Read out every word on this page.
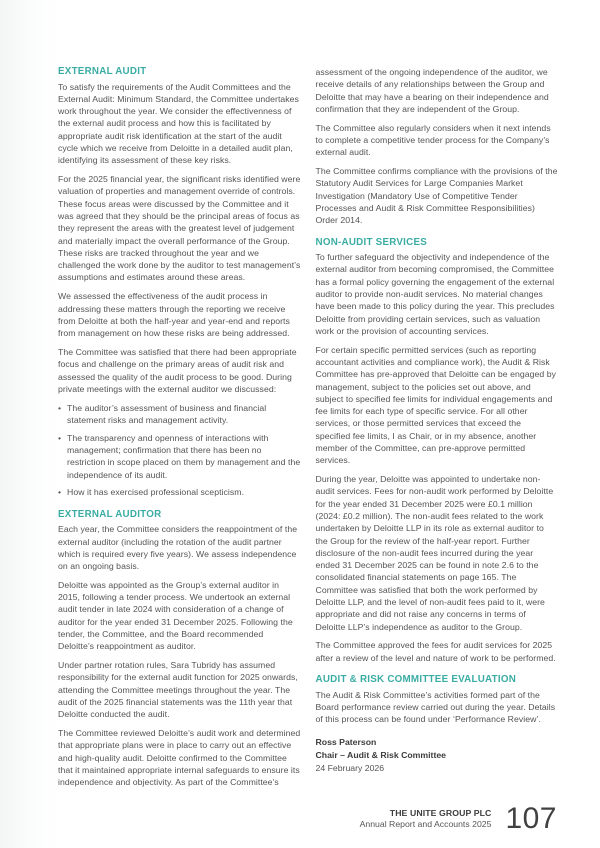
EXTERNAL AUDIT

To satisfy the requirements of the Audit Committees and the External Audit: Minimum Standard, the Committee undertakes work throughout the year. We consider the effectivenness of the external audit process and how this is facilitated by appropriate audit risk identification at the start of the audit cycle which we receive from Deloitte in a detailed audit plan, identifying its assessment of these key risks.

For the 2025 financial year, the significant risks identified were valuation of properties and management override of controls. These focus areas were discussed by the Committee and it was agreed that they should be the principal areas of focus as they represent the areas with the greatest level of judgement and materially impact the overall performance of the Group. These risks are tracked throughout the year and we challenged the work done by the auditor to test management’s assumptions and estimates around these areas.

We assessed the effectiveness of the audit process in addressing these matters through the reporting we receive from Deloitte at both the half-year and year-end and reports from management on how these risks are being addressed.

The Committee was satisfied that there had been appropriate focus and challenge on the primary areas of audit risk and assessed the quality of the audit process to be good. During private meetings with the external auditor we discussed:

• The auditor’s assessment of business and financial statement risks and management activity.
• The transparency and openness of interactions with management; confirmation that there has been no restriction in scope placed on them by management and the independence of its audit.
• How it has exercised professional scepticism.
EXTERNAL AUDITOR

Each year, the Committee considers the reappointment of the external auditor (including the rotation of the audit partner which is required every five years). We assess independence on an ongoing basis.

Deloitte was appointed as the Group’s external auditor in 2015, following a tender process. We undertook an external audit tender in late 2024 with consideration of a change of auditor for the year ended 31 December 2025. Following the tender, the Committee, and the Board recommended Deloitte’s reappointment as auditor.

Under partner rotation rules, Sara Tubridy has assumed responsibility for the external audit function for 2025 onwards, attending the Committee meetings throughout the year. The audit of the 2025 financial statements was the 11th year that Deloitte conducted the audit.

The Committee reviewed Deloitte’s audit work and determined that appropriate plans were in place to carry out an effective and high-quality audit. Deloitte confirmed to the Committee that it maintained appropriate internal safeguards to ensure its independence and objectivity. As part of the Committee’s

assessment of the ongoing independence of the auditor, we receive details of any relationships between the Group and Deloitte that may have a bearing on their independence and confirmation that they are independent of the Group.

The Committee also regularly considers when it next intends to complete a competitive tender process for the Company’s external audit.

The Committee confirms compliance with the provisions of the Statutory Audit Services for Large Companies Market Investigation (Mandatory Use of Competitive Tender Processes and Audit & Risk Committee Responsibilities) Order 2014.

NON-AUDIT SERVICES

To further safeguard the objectivity and independence of the external auditor from becoming compromised, the Committee has a formal policy governing the engagement of the external auditor to provide non-audit services. No material changes have been made to this policy during the year. This precludes Deloitte from providing certain services, such as valuation work or the provision of accounting services.

For certain specific permitted services (such as reporting accountant activities and compliance work), the Audit & Risk Committee has pre-approved that Deloitte can be engaged by management, subject to the policies set out above, and subject to specified fee limits for individual engagements and fee limits for each type of specific service. For all other services, or those permitted services that exceed the specified fee limits, I as Chair, or in my absence, another member of the Committee, can pre-approve permitted services.

During the year, Deloitte was appointed to undertake non-audit services. Fees for non-audit work performed by Deloitte for the year ended 31 December 2025 were £0.1 million (2024: £0.2 million). The non-audit fees related to the work undertaken by Deloitte LLP in its role as external auditor to the Group for the review of the half-year report. Further disclosure of the non-audit fees incurred during the year ended 31 December 2025 can be found in note 2.6 to the consolidated financial statements on page 165. The Committee was satisfied that both the work performed by Deloitte LLP, and the level of non-audit fees paid to it, were appropriate and did not raise any concerns in terms of Deloitte LLP’s independence as auditor to the Group.

The Committee approved the fees for audit services for 2025 after a review of the level and nature of work to be performed.

AUDIT & RISK COMMITTEE EVALUATION

The Audit & Risk Committee’s activities formed part of the Board performance review carried out during the year. Details of this process can be found under ‘Performance Review’.

Ross Paterson
Chair – Audit & Risk Committee
24 February 2026
THE UNITE GROUP PLC
Annual Report and Accounts 2025 107
